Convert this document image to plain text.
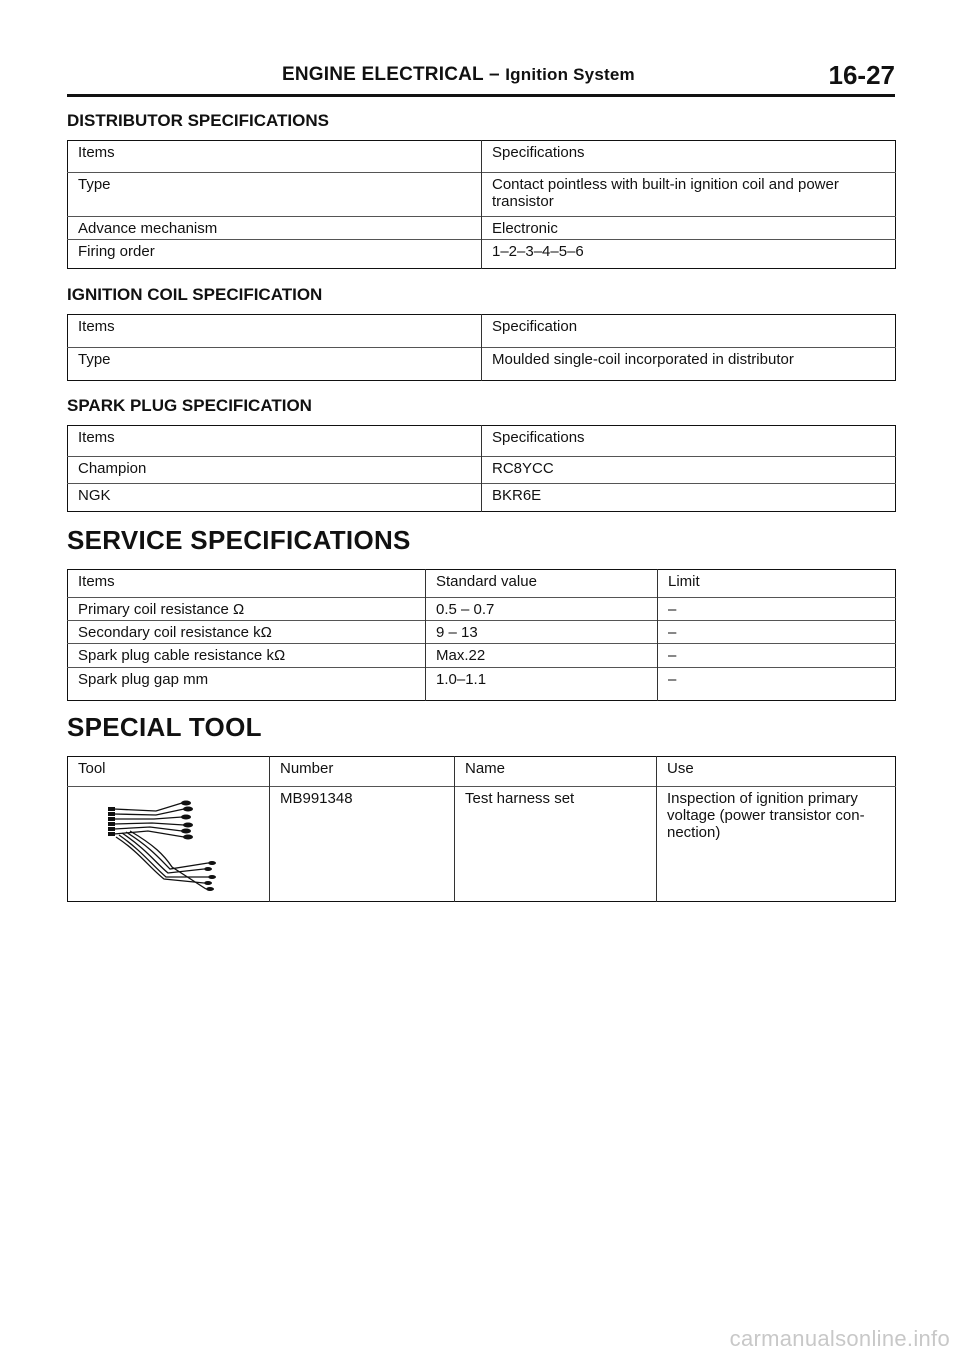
ENGINE ELECTRICAL – Ignition System	16-27
DISTRIBUTOR SPECIFICATIONS
Items	Specifications
Type	Contact pointless with built-in ignition coil and power transistor
Advance mechanism	Electronic
Firing order	1–2–3–4–5–6
IGNITION COIL SPECIFICATION
Items	Specification
Type	Moulded single-coil incorporated in distributor
SPARK PLUG SPECIFICATION
Items	Specifications
Champion	RC8YCC
NGK	BKR6E
SERVICE SPECIFICATIONS
Items	Standard value	Limit
Primary coil resistance Ω	0.5 – 0.7	–
Secondary coil resistance kΩ	9 – 13	–
Spark plug cable resistance kΩ	Max.22	–
Spark plug gap mm	1.0–1.1	–
SPECIAL TOOL
Tool	Number	Name	Use

	MB991348	Test harness set	Inspection of ignition primary voltage (power transistor con- nection)
carmanualsonline.info
